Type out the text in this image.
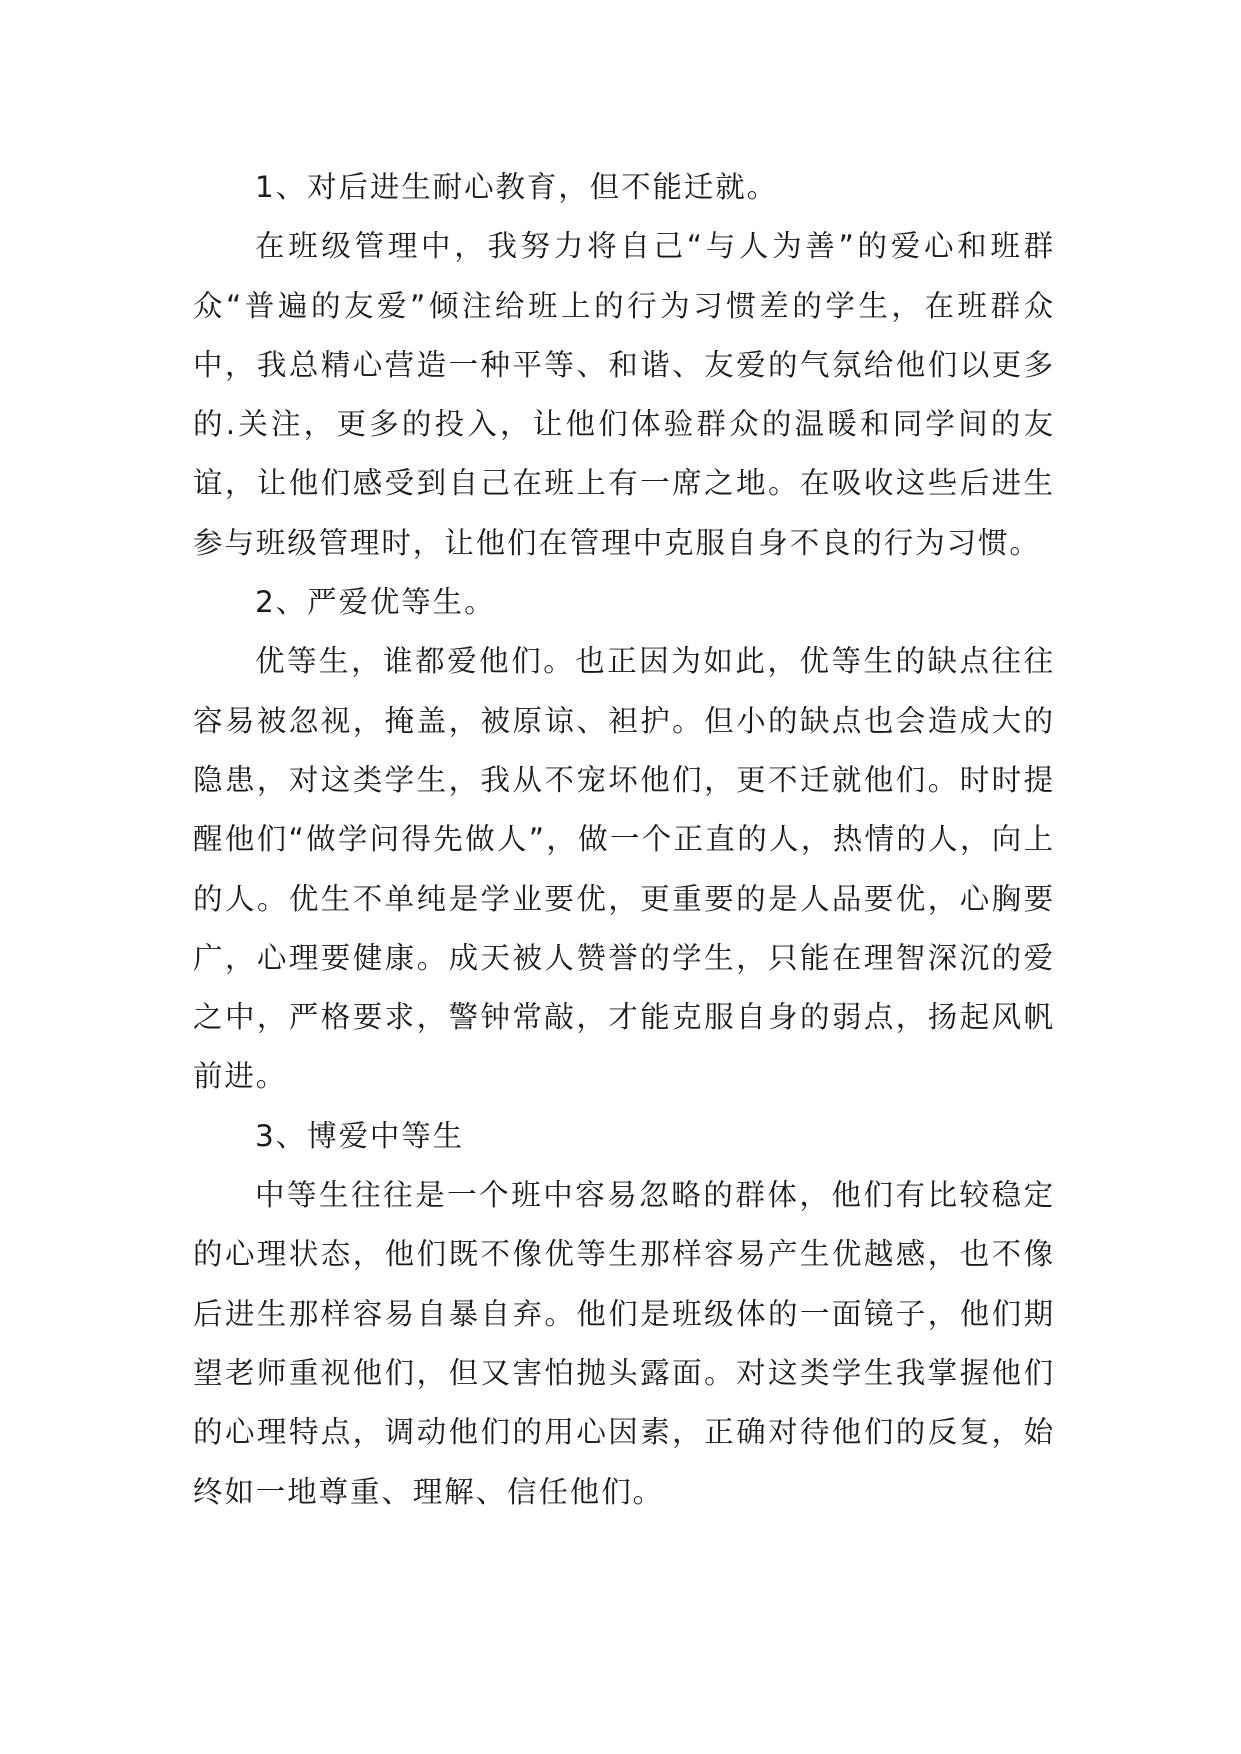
1、对后进生耐心教育，但不能迁就。

在班级管理中，我努力将自己“与人为善”的爱心和班群众“普遍的友爱”倾注给班上的行为习惯差的学生，在班群众中，我总精心营造一种平等、和谐、友爱的气氛给他们以更多的.关注，更多的投入，让他们体验群众的温暖和同学间的友谊，让他们感受到自己在班上有一席之地。在吸收这些后进生参与班级管理时，让他们在管理中克服自身不良的行为习惯。

2、严爱优等生。

优等生，谁都爱他们。也正因为如此，优等生的缺点往往容易被忽视，掩盖，被原谅、袒护。但小的缺点也会造成大的隐患，对这类学生，我从不宠坏他们，更不迁就他们。时时提醒他们“做学问得先做人”，做一个正直的人，热情的人，向上的人。优生不单纯是学业要优，更重要的是人品要优，心胸要广，心理要健康。成天被人赞誉的学生，只能在理智深沉的爱之中，严格要求，警钟常敲，才能克服自身的弱点，扬起风帆前进。

3、博爱中等生

中等生往往是一个班中容易忽略的群体，他们有比较稳定的心理状态，他们既不像优等生那样容易产生优越感，也不像后进生那样容易自暴自弃。他们是班级体的一面镜子，他们期望老师重视他们，但又害怕抛头露面。对这类学生我掌握他们的心理特点，调动他们的用心因素，正确对待他们的反复，始终如一地尊重、理解、信任他们。
